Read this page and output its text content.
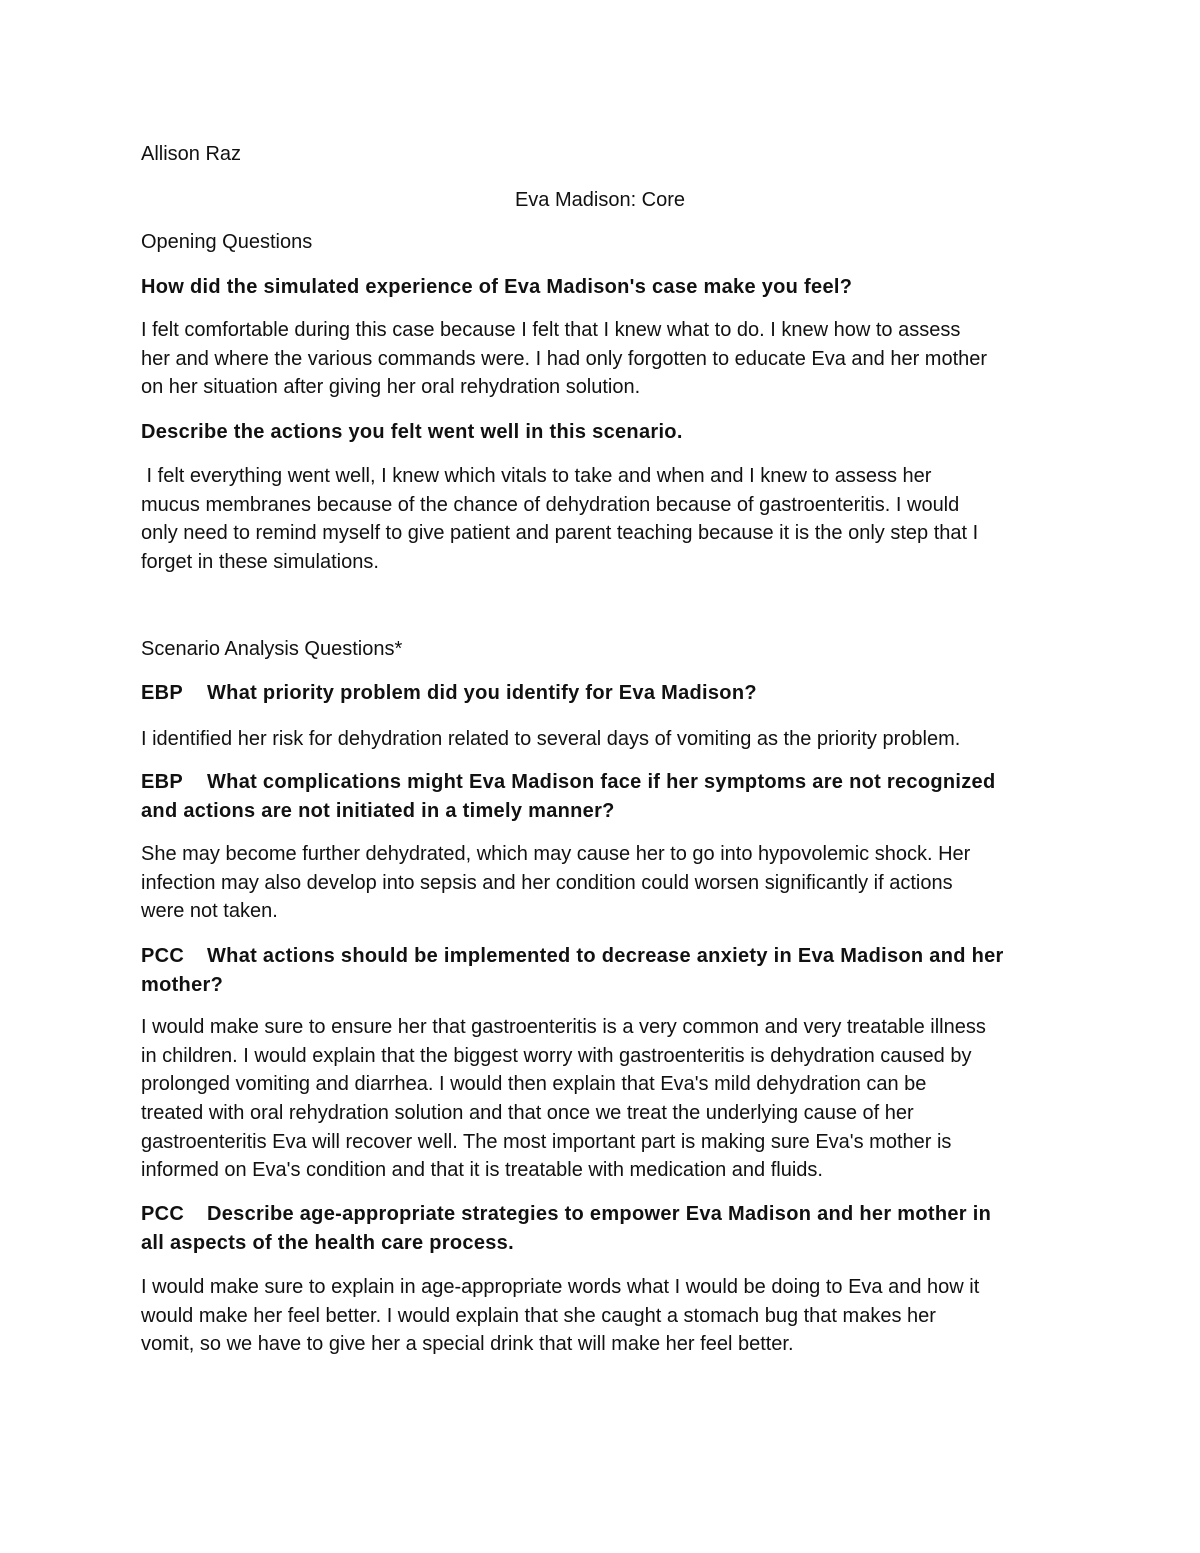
Allison Raz
Eva Madison: Core
Opening Questions
How did the simulated experience of Eva Madison's case make you feel?
I felt comfortable during this case because I felt that I knew what to do. I knew how to assess
her and where the various commands were. I had only forgotten to educate Eva and her mother
on her situation after giving her oral rehydration solution.
Describe the actions you felt went well in this scenario.
I felt everything went well, I knew which vitals to take and when and I knew to assess her
mucus membranes because of the chance of dehydration because of gastroenteritis. I would
only need to remind myself to give patient and parent teaching because it is the only step that I
forget in these simulations.
Scenario Analysis Questions*
EBP What priority problem did you identify for Eva Madison?
I identified her risk for dehydration related to several days of vomiting as the priority problem.
EBP What complications might Eva Madison face if her symptoms are not recognized
and actions are not initiated in a timely manner?
She may become further dehydrated, which may cause her to go into hypovolemic shock. Her
infection may also develop into sepsis and her condition could worsen significantly if actions
were not taken.
PCC What actions should be implemented to decrease anxiety in Eva Madison and her
mother?
I would make sure to ensure her that gastroenteritis is a very common and very treatable illness
in children. I would explain that the biggest worry with gastroenteritis is dehydration caused by
prolonged vomiting and diarrhea. I would then explain that Eva's mild dehydration can be
treated with oral rehydration solution and that once we treat the underlying cause of her
gastroenteritis Eva will recover well. The most important part is making sure Eva's mother is
informed on Eva's condition and that it is treatable with medication and fluids.
PCC Describe age-appropriate strategies to empower Eva Madison and her mother in
all aspects of the health care process.
I would make sure to explain in age-appropriate words what I would be doing to Eva and how it
would make her feel better. I would explain that she caught a stomach bug that makes her
vomit, so we have to give her a special drink that will make her feel better.
